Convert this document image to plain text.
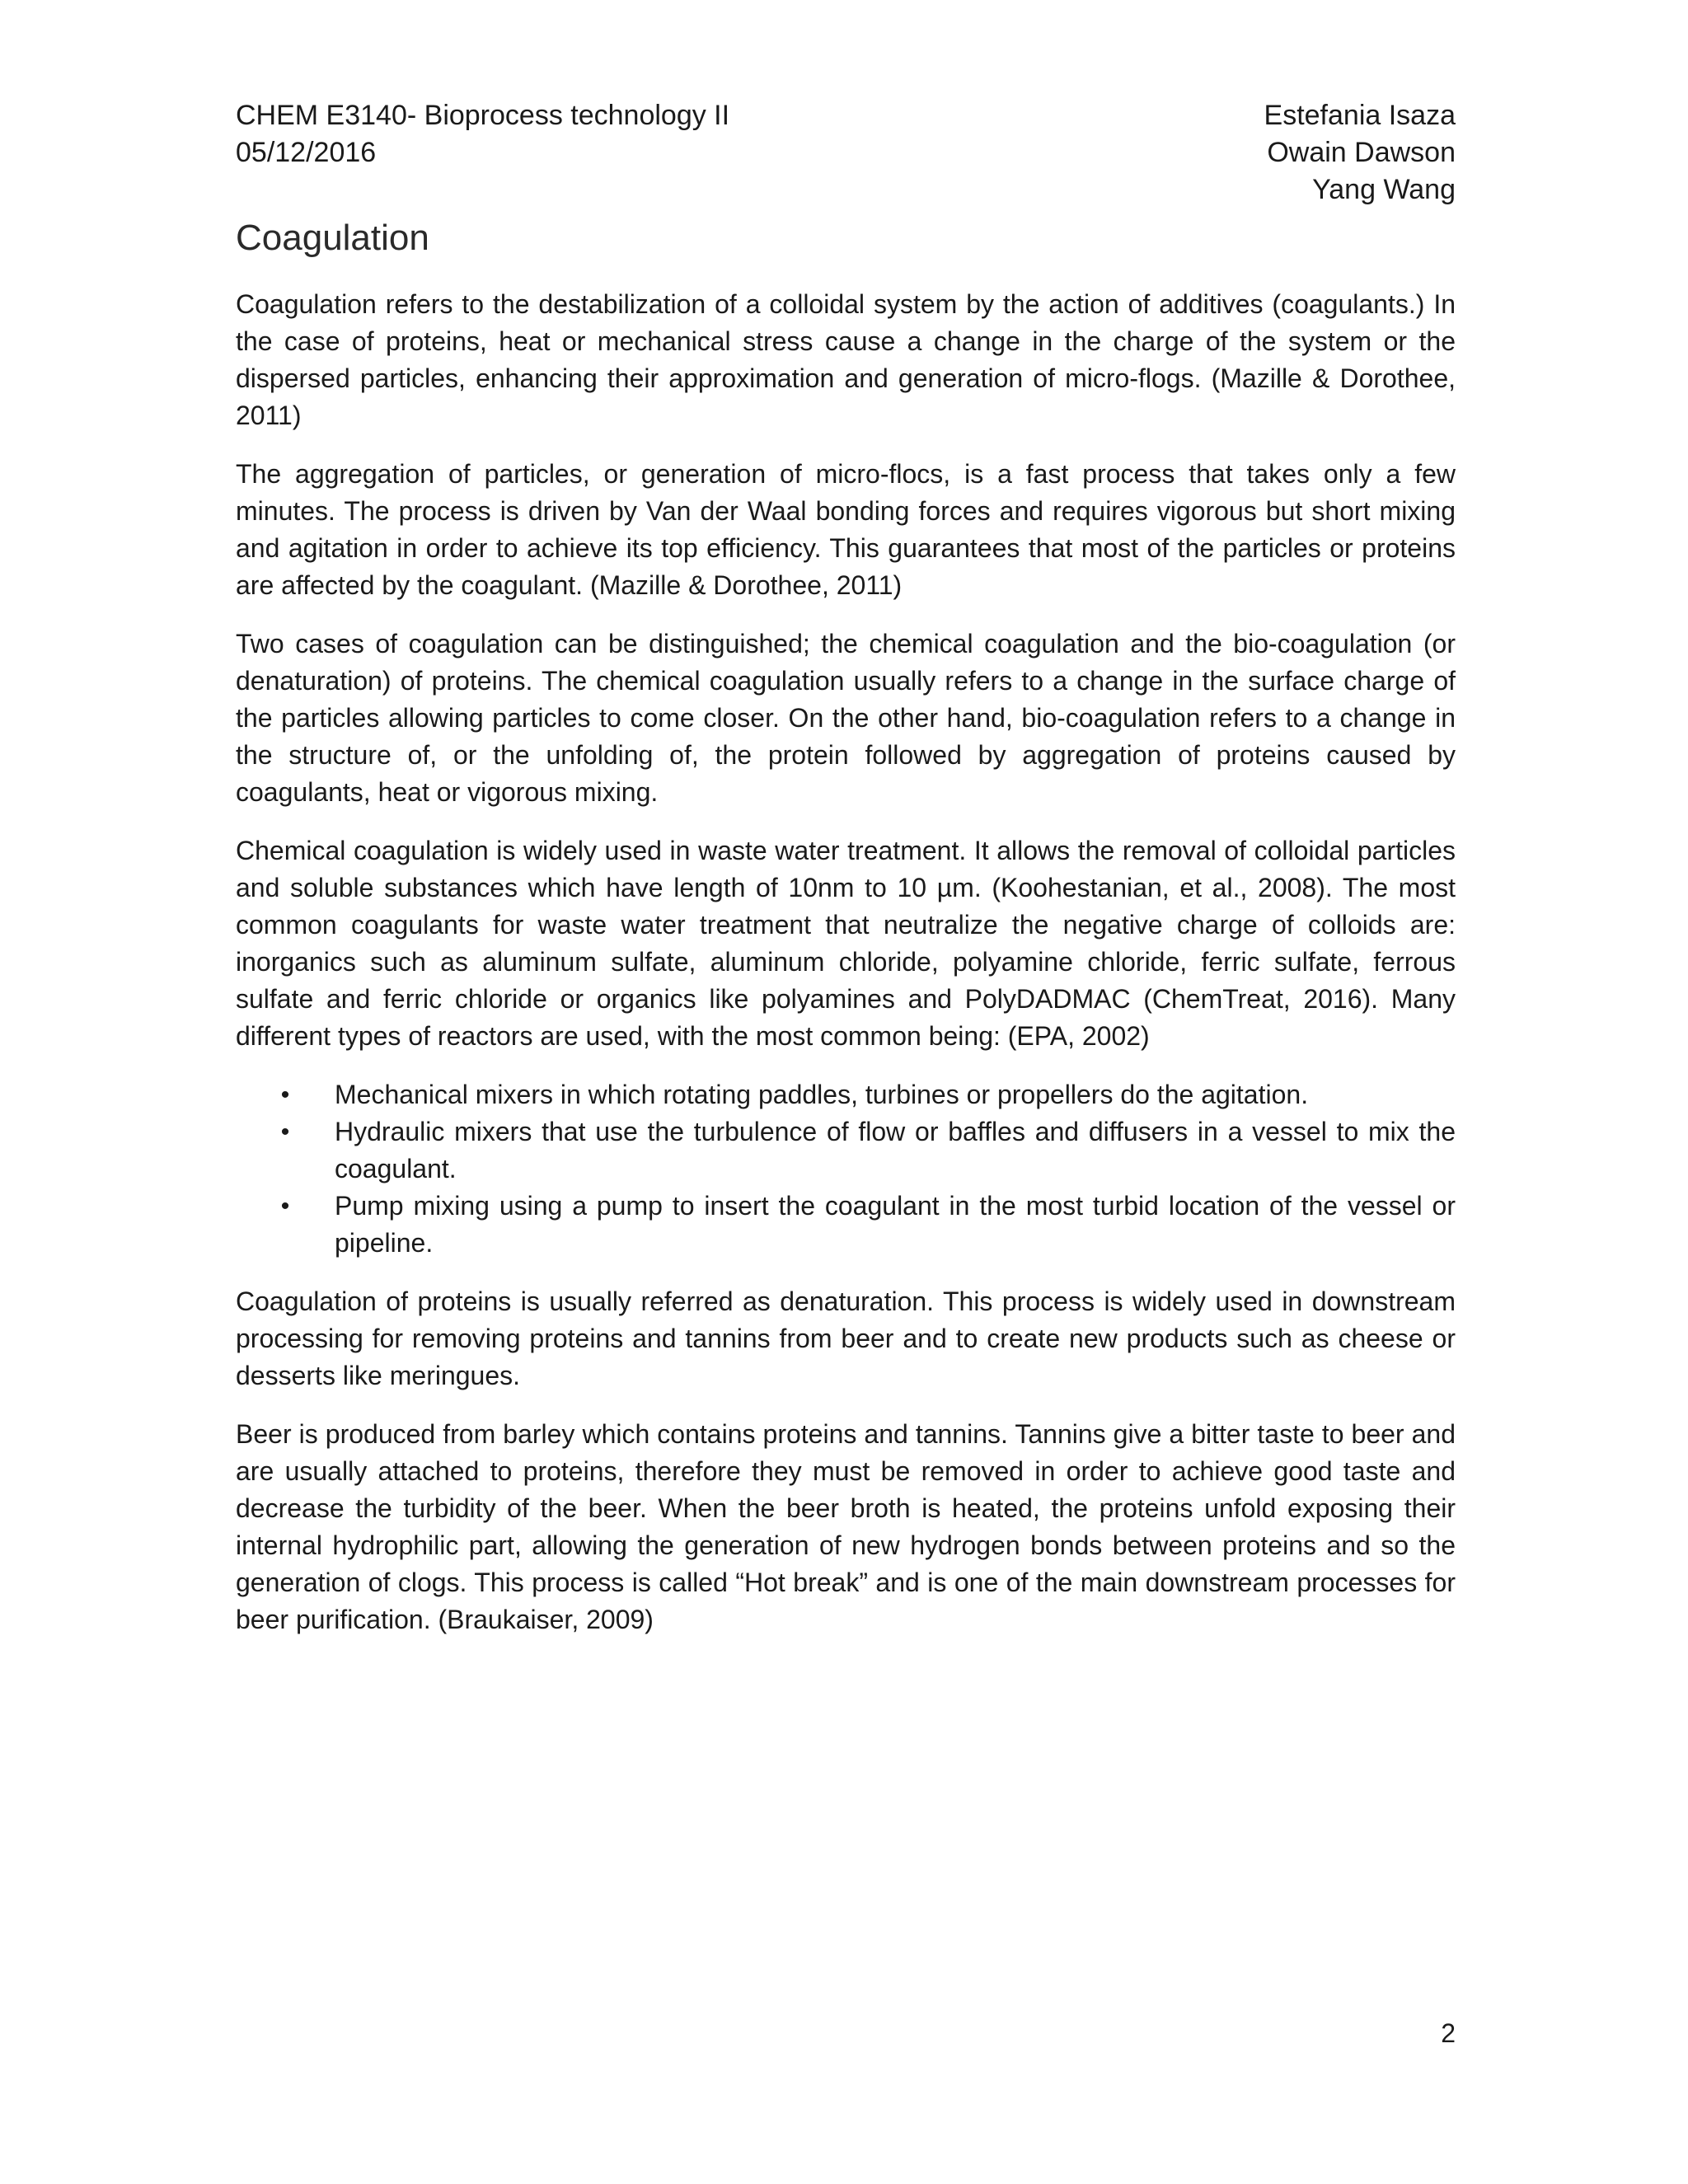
CHEM E3140- Bioprocess technology II
05/12/2016
Estefania Isaza
Owain Dawson
Yang Wang
Coagulation

Coagulation refers to the destabilization of a colloidal system by the action of additives (coagulants.) In the case of proteins, heat or mechanical stress cause a change in the charge of the system or the dispersed particles, enhancing their approximation and generation of micro-flogs. (Mazille & Dorothee, 2011)

The aggregation of particles, or generation of micro-flocs, is a fast process that takes only a few minutes. The process is driven by Van der Waal bonding forces and requires vigorous but short mixing and agitation in order to achieve its top efficiency. This guarantees that most of the particles or proteins are affected by the coagulant. (Mazille & Dorothee, 2011)

Two cases of coagulation can be distinguished; the chemical coagulation and the bio-coagulation (or denaturation) of proteins. The chemical coagulation usually refers to a change in the surface charge of the particles allowing particles to come closer. On the other hand, bio-coagulation refers to a change in the structure of, or the unfolding of, the protein followed by aggregation of proteins caused by coagulants, heat or vigorous mixing.

Chemical coagulation is widely used in waste water treatment. It allows the removal of colloidal particles and soluble substances which have length of 10nm to 10 µm. (Koohestanian, et al., 2008). The most common coagulants for waste water treatment that neutralize the negative charge of colloids are: inorganics such as aluminum sulfate, aluminum chloride, polyamine chloride, ferric sulfate, ferrous sulfate and ferric chloride or organics like polyamines and PolyDADMAC (ChemTreat, 2016). Many different types of reactors are used, with the most common being: (EPA, 2002)

•	Mechanical mixers in which rotating paddles, turbines or propellers do the agitation.
•	Hydraulic mixers that use the turbulence of flow or baffles and diffusers in a vessel to mix the coagulant.
•	Pump mixing using a pump to insert the coagulant in the most turbid location of the vessel or pipeline.

Coagulation of proteins is usually referred as denaturation. This process is widely used in downstream processing for removing proteins and tannins from beer and to create new products such as cheese or desserts like meringues.

Beer is produced from barley which contains proteins and tannins. Tannins give a bitter taste to beer and are usually attached to proteins, therefore they must be removed in order to achieve good taste and decrease the turbidity of the beer. When the beer broth is heated, the proteins unfold exposing their internal hydrophilic part, allowing the generation of new hydrogen bonds between proteins and so the generation of clogs. This process is called “Hot break” and is one of the main downstream processes for beer purification. (Braukaiser, 2009)

2
